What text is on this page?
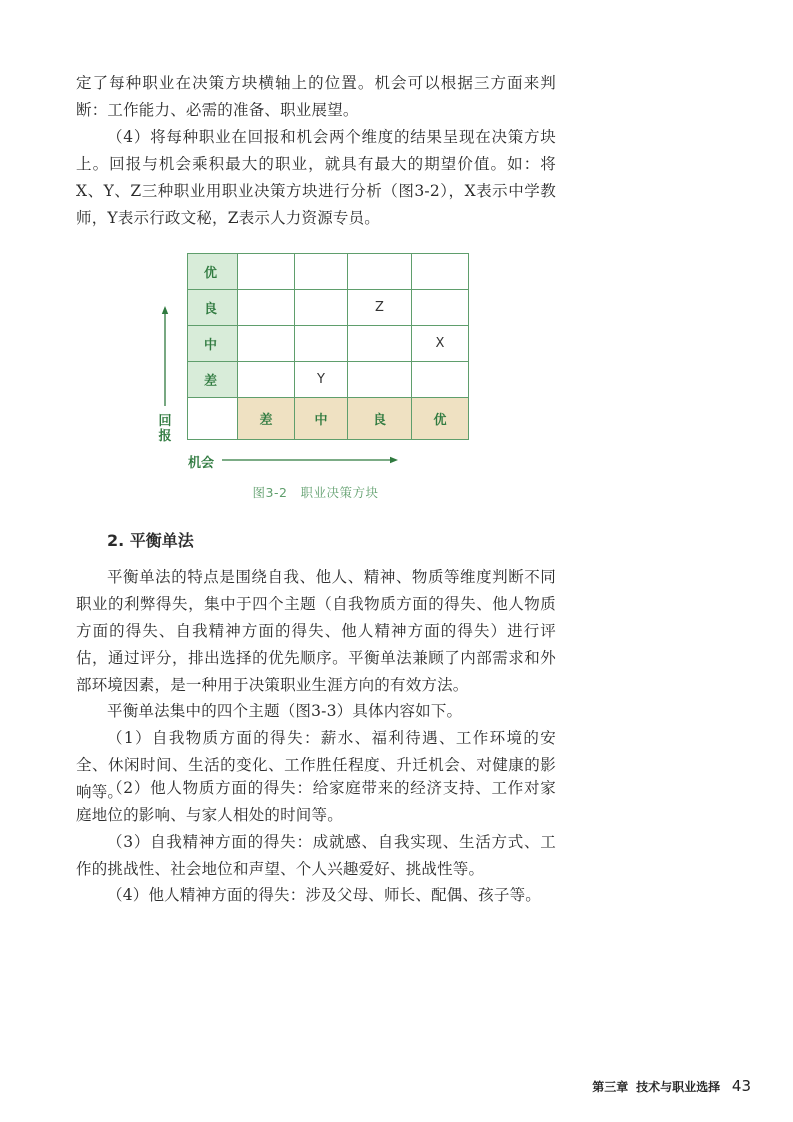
定了每种职业在决策方块横轴上的位置。机会可以根据三方面来判断：工作能力、必需的准备、职业展望。

（4）将每种职业在回报和机会两个维度的结果呈现在决策方块上。回报与机会乘积最大的职业，就具有最大的期望价值。如：将X、Y、Z三种职业用职业决策方块进行分析（图3-2），X表示中学教师，Y表示行政文秘，Z表示人力资源专员。

优				
良			Z	
中				X
差		Y		
	差	中	良	优
回报
机会
图3-2　职业决策方块
2. 平衡单法

平衡单法的特点是围绕自我、他人、精神、物质等维度判断不同职业的利弊得失，集中于四个主题（自我物质方面的得失、他人物质方面的得失、自我精神方面的得失、他人精神方面的得失）进行评估，通过评分，排出选择的优先顺序。平衡单法兼顾了内部需求和外部环境因素，是一种用于决策职业生涯方向的有效方法。

平衡单法集中的四个主题（图3-3）具体内容如下。

（1）自我物质方面的得失：薪水、福利待遇、工作环境的安全、休闲时间、生活的变化、工作胜任程度、升迁机会、对健康的影响等。

（2）他人物质方面的得失：给家庭带来的经济支持、工作对家庭地位的影响、与家人相处的时间等。

（3）自我精神方面的得失：成就感、自我实现、生活方式、工作的挑战性、社会地位和声望、个人兴趣爱好、挑战性等。

（4）他人精神方面的得失：涉及父母、师长、配偶、孩子等。

第三章 技术与职业选择 43
